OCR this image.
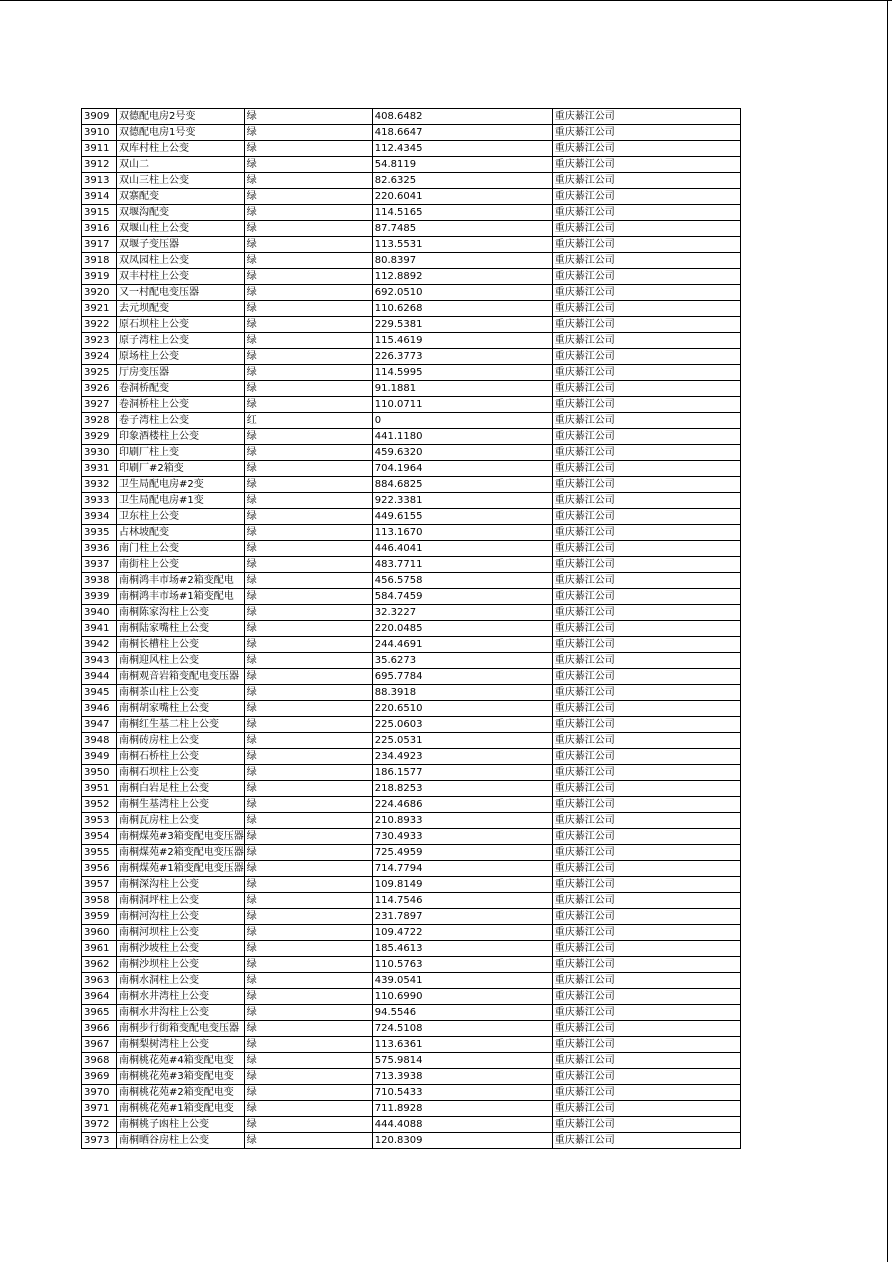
3909	双德配电房2号变	绿	408.6482	重庆綦江公司
3910	双德配电房1号变	绿	418.6647	重庆綦江公司
3911	双库村柱上公变	绿	112.4345	重庆綦江公司
3912	双山二	绿	54.8119	重庆綦江公司
3913	双山三柱上公变	绿	82.6325	重庆綦江公司
3914	双寨配变	绿	220.6041	重庆綦江公司
3915	双堰沟配变	绿	114.5165	重庆綦江公司
3916	双堰山柱上公变	绿	87.7485	重庆綦江公司
3917	双堰子变压器	绿	113.5531	重庆綦江公司
3918	双凤园柱上公变	绿	80.8397	重庆綦江公司
3919	双丰村柱上公变	绿	112.8892	重庆綦江公司
3920	又一村配电变压器	绿	692.0510	重庆綦江公司
3921	去元坝配变	绿	110.6268	重庆綦江公司
3922	原石坝柱上公变	绿	229.5381	重庆綦江公司
3923	原子湾柱上公变	绿	115.4619	重庆綦江公司
3924	原场柱上公变	绿	226.3773	重庆綦江公司
3925	厅房变压器	绿	114.5995	重庆綦江公司
3926	卷洞桥配变	绿	91.1881	重庆綦江公司
3927	卷洞桥柱上公变	绿	110.0711	重庆綦江公司
3928	卷子湾柱上公变	红	0	重庆綦江公司
3929	印象酒楼柱上公变	绿	441.1180	重庆綦江公司
3930	印刷厂柱上变	绿	459.6320	重庆綦江公司
3931	印刷厂#2箱变	绿	704.1964	重庆綦江公司
3932	卫生局配电房#2变	绿	884.6825	重庆綦江公司
3933	卫生局配电房#1变	绿	922.3381	重庆綦江公司
3934	卫东柱上公变	绿	449.6155	重庆綦江公司
3935	占林坡配变	绿	113.1670	重庆綦江公司
3936	南门柱上公变	绿	446.4041	重庆綦江公司
3937	南街柱上公变	绿	483.7711	重庆綦江公司
3938	南桐鸿丰市场#2箱变配电	绿	456.5758	重庆綦江公司
3939	南桐鸿丰市场#1箱变配电	绿	584.7459	重庆綦江公司
3940	南桐陈家沟柱上公变	绿	32.3227	重庆綦江公司
3941	南桐陆家嘴柱上公变	绿	220.0485	重庆綦江公司
3942	南桐长槽柱上公变	绿	244.4691	重庆綦江公司
3943	南桐迎风柱上公变	绿	35.6273	重庆綦江公司
3944	南桐观音岩箱变配电变压器	绿	695.7784	重庆綦江公司
3945	南桐茶山柱上公变	绿	88.3918	重庆綦江公司
3946	南桐胡家嘴柱上公变	绿	220.6510	重庆綦江公司
3947	南桐红生基二柱上公变	绿	225.0603	重庆綦江公司
3948	南桐砖房柱上公变	绿	225.0531	重庆綦江公司
3949	南桐石桥柱上公变	绿	234.4923	重庆綦江公司
3950	南桐石坝柱上公变	绿	186.1577	重庆綦江公司
3951	南桐白岩足柱上公变	绿	218.8253	重庆綦江公司
3952	南桐生基湾柱上公变	绿	224.4686	重庆綦江公司
3953	南桐瓦房柱上公变	绿	210.8933	重庆綦江公司
3954	南桐煤苑#3箱变配电变压器	绿	730.4933	重庆綦江公司
3955	南桐煤苑#2箱变配电变压器	绿	725.4959	重庆綦江公司
3956	南桐煤苑#1箱变配电变压器	绿	714.7794	重庆綦江公司
3957	南桐深沟柱上公变	绿	109.8149	重庆綦江公司
3958	南桐洞坪柱上公变	绿	114.7546	重庆綦江公司
3959	南桐河沟柱上公变	绿	231.7897	重庆綦江公司
3960	南桐河坝柱上公变	绿	109.4722	重庆綦江公司
3961	南桐沙坡柱上公变	绿	185.4613	重庆綦江公司
3962	南桐沙坝柱上公变	绿	110.5763	重庆綦江公司
3963	南桐水洞柱上公变	绿	439.0541	重庆綦江公司
3964	南桐水井湾柱上公变	绿	110.6990	重庆綦江公司
3965	南桐水井沟柱上公变	绿	94.5546	重庆綦江公司
3966	南桐步行街箱变配电变压器	绿	724.5108	重庆綦江公司
3967	南桐梨树湾柱上公变	绿	113.6361	重庆綦江公司
3968	南桐桃花苑#4箱变配电变	绿	575.9814	重庆綦江公司
3969	南桐桃花苑#3箱变配电变	绿	713.3938	重庆綦江公司
3970	南桐桃花苑#2箱变配电变	绿	710.5433	重庆綦江公司
3971	南桐桃花苑#1箱变配电变	绿	711.8928	重庆綦江公司
3972	南桐桃子凼柱上公变	绿	444.4088	重庆綦江公司
3973	南桐晒谷房柱上公变	绿	120.8309	重庆綦江公司
